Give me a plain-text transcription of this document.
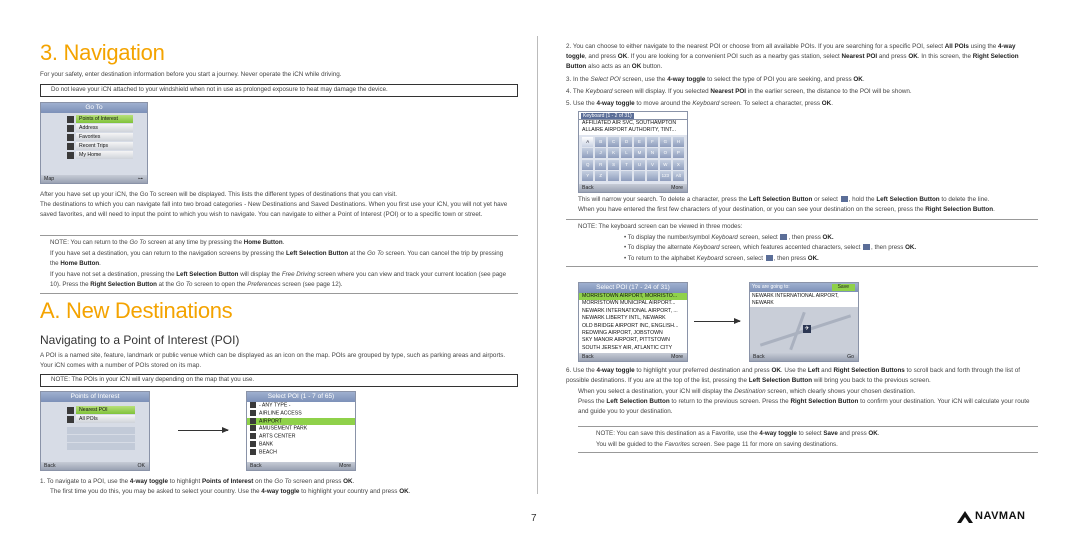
3. Navigation
For your safety, enter destination information before you start a journey. Never operate the iCN while driving.
Do not leave your iCN attached to your windshield when not in use as prolonged exposure to heat may damage the device.
Go To
Points of Interest
Address
Favorites
Recent Trips
My Home
Map	⊶
After you have set up your iCN, the Go To screen will be displayed. This lists the different types of destinations that you can visit.
The destinations to which you can navigate fall into two broad categories - New Destinations and Saved Destinations. When you first use your iCN, you will not yet have saved favorites, and will need to input the point to which you wish to navigate. You can navigate to either a Point of Interest (POI) or to a specific town or street.
NOTE: You can return to the Go To screen at any time by pressing the Home Button.
If you have set a destination, you can return to the navigation screens by pressing the Left Selection Button at the Go To screen. You can cancel the trip by pressing the Home Button.
If you have not set a destination, pressing the Left Selection Button will display the Free Driving screen where you can view and track your current location (see page 10). Press the Right Selection Button at the Go To screen to open the Preferences screen (see page 12).
A. New Destinations
Navigating to a Point of Interest (POI)
A POI is a named site, feature, landmark or public venue which can be displayed as an icon on the map. POIs are grouped by type, such as parking areas and airports. Your iCN comes with a number of POIs stored on its map.
NOTE: The POIs in your iCN will vary depending on the map that you use.
Points of Interest
Nearest POI
All POIs
Back	OK
Select POI (1 - 7 of 65)
- ANY TYPE -
AIRLINE ACCESS
AIRPORT
AMUSEMENT PARK
ARTS CENTER
BANK
BEACH
Back	More
1. To navigate to a POI, use the 4-way toggle to highlight Points of Interest on the Go To screen and press OK.
The first time you do this, you may be asked to select your country. Use the 4-way toggle to highlight your country and press OK.
2. You can choose to either navigate to the nearest POI or choose from all available POIs. If you are searching for a specific POI, select All POIs using the 4-way toggle, and press OK. If you are looking for a convenient POI such as a nearby gas station, select Nearest POI and press OK. In this screen, the Right Selection Button also acts as an OK button.
3. In the Select POI screen, use the 4-way toggle to select the type of POI you are seeking, and press OK.
4. The Keyboard screen will display. If you selected Nearest POI in the earlier screen, the distance to the POI will be shown.
5. Use the 4-way toggle to move around the Keyboard screen. To select a character, press OK.
Keyboard (1 - 2 of 31)
AFFILIATED AIR SVC, SOUTHAMPTON
ALLAIRE AIRPORT AUTHORITY, TINT...
A	B	C	D	E	F	G	H
I	J	K	L	M	N	O	P
Q	R	S	T	U	V	W	X
Y	Z	123	Alt
Back	More
This will narrow your search. To delete a character, press the Left Selection Button or select , hold the Left Selection Button to delete the line.
When you have entered the first few characters of your destination, or you can see your destination on the screen, press the Right Selection Button.
NOTE: The keyboard screen can be viewed in three modes:
• To display the number/symbol Keyboard screen, select , then press OK.
• To display the alternate Keyboard screen, which features accented characters, select , then press OK.
• To return to the alphabet Keyboard screen, select , then press OK.
Select POI (17 - 24 of 31)
MORRISTOWN AIRPORT, MORRISTO...
MORRISTOWN MUNICIPAL AIRPORT...
NEWARK INTERNATIONAL AIRPORT, ...
NEWARK LIBERTY INTL, NEWARK
OLD BRIDGE AIRPORT INC, ENGLISH...
REDWING AIRPORT, JOBSTOWN
SKY MANOR AIRPORT, PITTSTOWN
SOUTH JERSEY AIR, ATLANTIC CITY
Back	More
You are going to:	Save
NEWARK INTERNATIONAL AIRPORT, NEWARK
✈
Back	Go
6. Use the 4-way toggle to highlight your preferred destination and press OK. Use the Left and Right Selection Buttons to scroll back and forth through the list of possible destinations. If you are at the top of the list, pressing the Left Selection Button will bring you back to the previous screen.
When you select a destination, your iCN will display the Destination screen, which clearly shows your chosen destination.
Press the Left Selection Button to return to the previous screen. Press the Right Selection Button to confirm your destination. Your iCN will calculate your route and guide you to your destination.
NOTE: You can save this destination as a Favorite, use the 4-way toggle to select Save and press OK.
You will be guided to the Favorites screen. See page 11 for more on saving destinations.
7	NAVMAN
